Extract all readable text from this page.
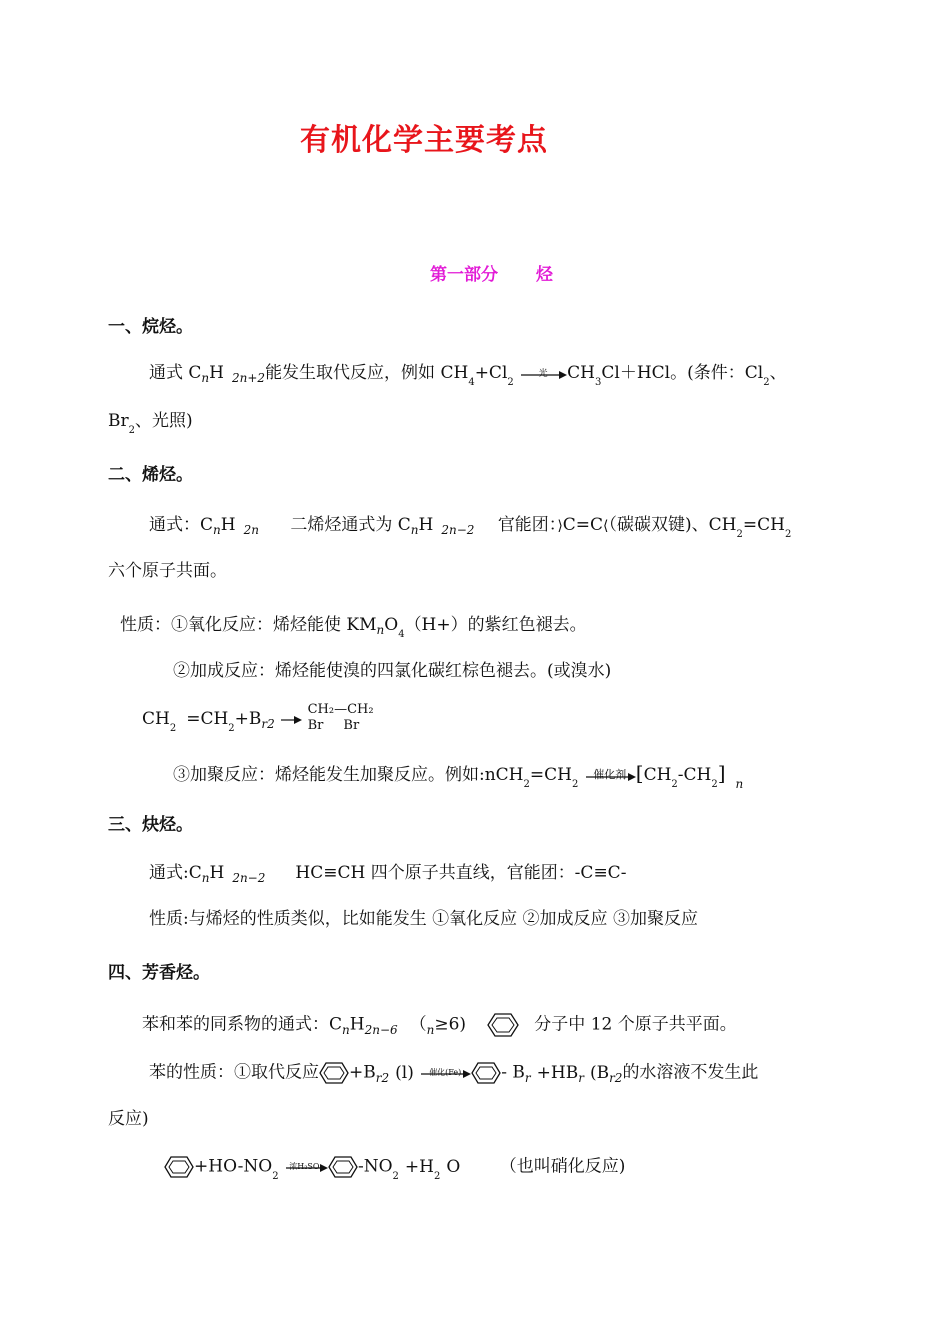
有机化学主要考点
第一部分 烃
一、烷烃。
通式 $C_nH$ $_{2n+2}$能发生取代反应，例如 $CH_4+Cl_2$
光	$CH_3Cl+HCl$。(条件：$Cl_2$、
$Br_2$、光照)
二、烯烃。
通式：$C_nH$ $_{2n}$ 二烯烃通式为 $C_nH$ $_{2n-2}$ 官能团：⟩C=C⟨（碳碳双键)、$CH_2=CH_2$
六个原子共面。
性质：①氧化反应：烯烃能使 $KM_nO_4(H+)$的紫红色褪去。
②加成反应：烯烃能使溴的四氯化碳红棕色褪去。(或溴水)
$CH_2 =CH_2+B_{r2}$ → CH₂—CH₂
Br Br
③加聚反应：烯烃能发生加聚反应。例如$:nCH_2=CH_2$
催化剂 $[CH_2-CH_2]$ $_n$
三、炔烃。
通式$:C_nH$ $_{2n-2}$ HC≡CH 四个原子共直线，官能团：-C≡C-
性质:与烯烃的性质类似，比如能发生 ①氧化反应 ②加成反应 ③加聚反应
四、芳香烃。
苯和苯的同系物的通式：$C_nH_{2n-6}$ $(_n\ge 6)$	分子中 12 个原子共平面。
苯的性质：①取代反应 $+B_{r2}$ (l)	催化(Fe)	- $B_r +HB_r$ ($B_{r2}$的水溶液不发生此
反应)
$+HO-NO_2$
浓H₂SO₄	$-NO_2 +H_2$ O （也叫硝化反应)
